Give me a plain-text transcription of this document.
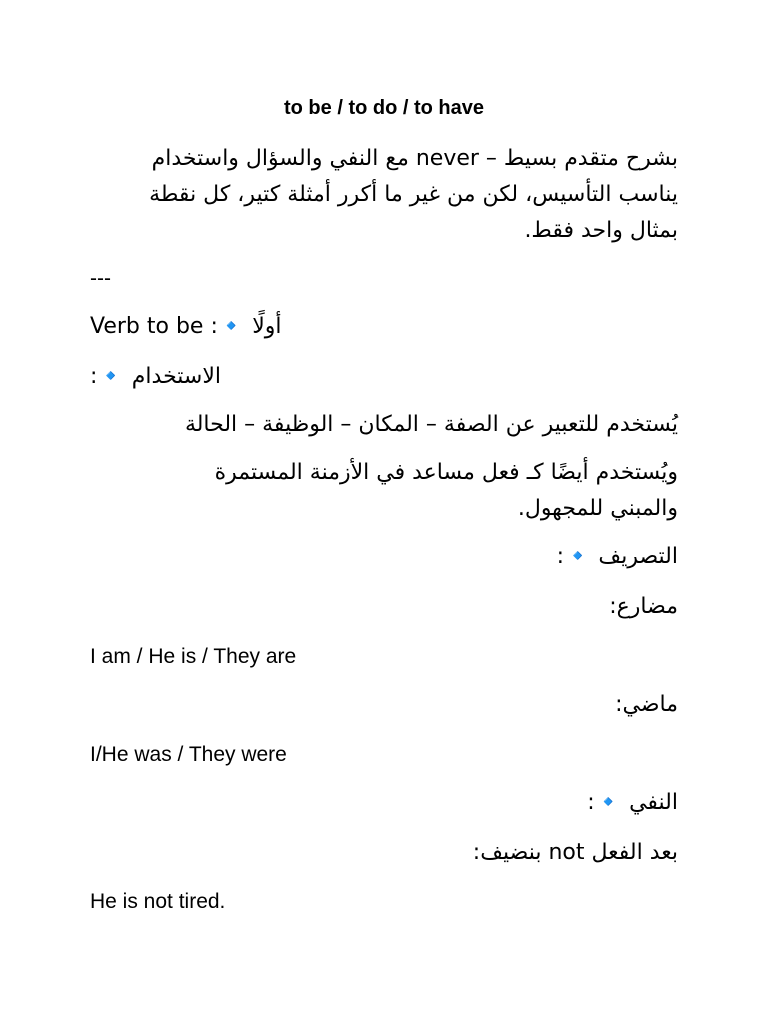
to be / to do / to have
بشرح متقدم بسيط – never مع النفي والسؤال واستخدام
يناسب التأسيس، لكن من غير ما أكرر أمثلة كتير، كل نقطة
بمثال واحد فقط.
---
أولًا 🔹: Verb to be
الاستخدام 🔹:
يُستخدم للتعبير عن الصفة – المكان – الوظيفة – الحالة
ويُستخدم أيضًا كـ فعل مساعد في الأزمنة المستمرة
والمبني للمجهول.
التصريف 🔹:
مضارع:
I am / He is / They are
ماضي:
I/He was / They were
النفي 🔹:
بعد الفعل not بنضيف:
He is not tired.
